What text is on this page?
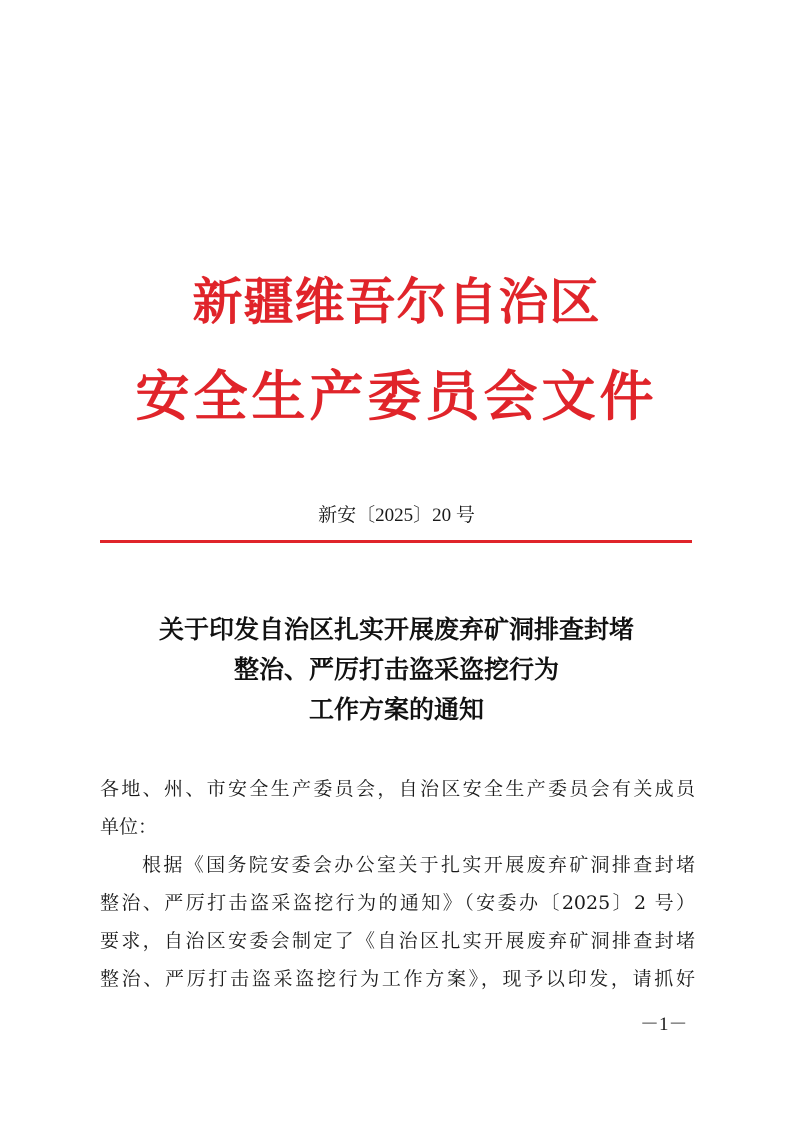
新疆维吾尔自治区
安全生产委员会文件
新安〔2025〕20 号
关于印发自治区扎实开展废弃矿洞排查封堵
整治、严厉打击盗采盗挖行为
工作方案的通知
各地、州、市安全生产委员会，自治区安全生产委员会有关成员
单位：
根据《国务院安委会办公室关于扎实开展废弃矿洞排查封堵
整治、严厉打击盗采盗挖行为的通知》（安委办〔2025〕2 号）
要求，自治区安委会制定了《自治区扎实开展废弃矿洞排查封堵
整治、严厉打击盗采盗挖行为工作方案》，现予以印发，请抓好
－1－
